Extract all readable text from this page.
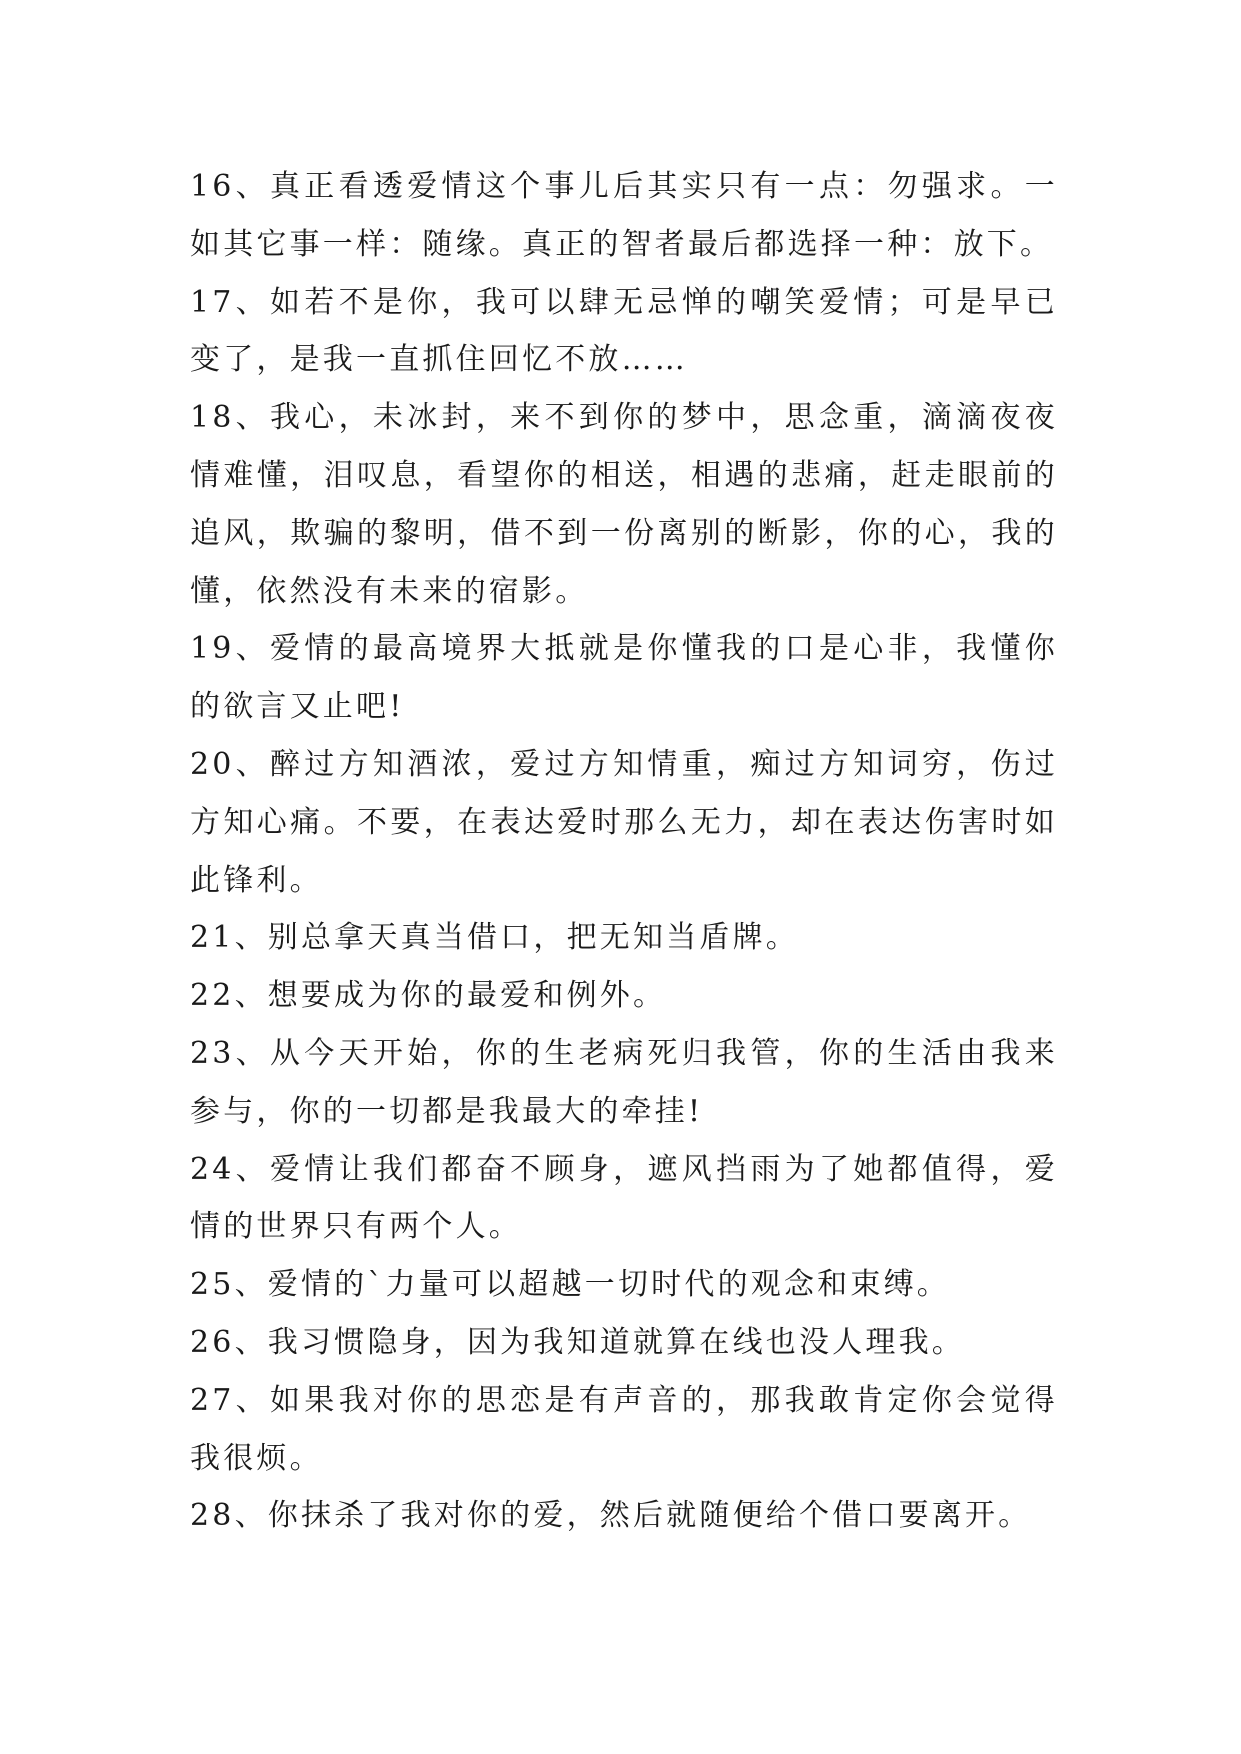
16、真正看透爱情这个事儿后其实只有一点：勿强求。一如其它事一样：随缘。真正的智者最后都选择一种：放下。

17、如若不是你，我可以肆无忌惮的嘲笑爱情；可是早已变了，是我一直抓住回忆不放……

18、我心，未冰封，来不到你的梦中，思念重，滴滴夜夜情难懂，泪叹息，看望你的相送，相遇的悲痛，赶走眼前的追风，欺骗的黎明，借不到一份离别的断影，你的心，我的懂，依然没有未来的宿影。

19、爱情的最高境界大抵就是你懂我的口是心非，我懂你的欲言又止吧!

20、醉过方知酒浓，爱过方知情重，痴过方知词穷，伤过方知心痛。不要，在表达爱时那么无力，却在表达伤害时如此锋利。

21、别总拿天真当借口，把无知当盾牌。

22、想要成为你的最爱和例外。

23、从今天开始，你的生老病死归我管，你的生活由我来参与，你的一切都是我最大的牵挂!

24、爱情让我们都奋不顾身，遮风挡雨为了她都值得，爱情的世界只有两个人。

25、爱情的`力量可以超越一切时代的观念和束缚。

26、我习惯隐身，因为我知道就算在线也没人理我。

27、如果我对你的思恋是有声音的，那我敢肯定你会觉得我很烦。

28、你抹杀了我对你的爱，然后就随便给个借口要离开。
